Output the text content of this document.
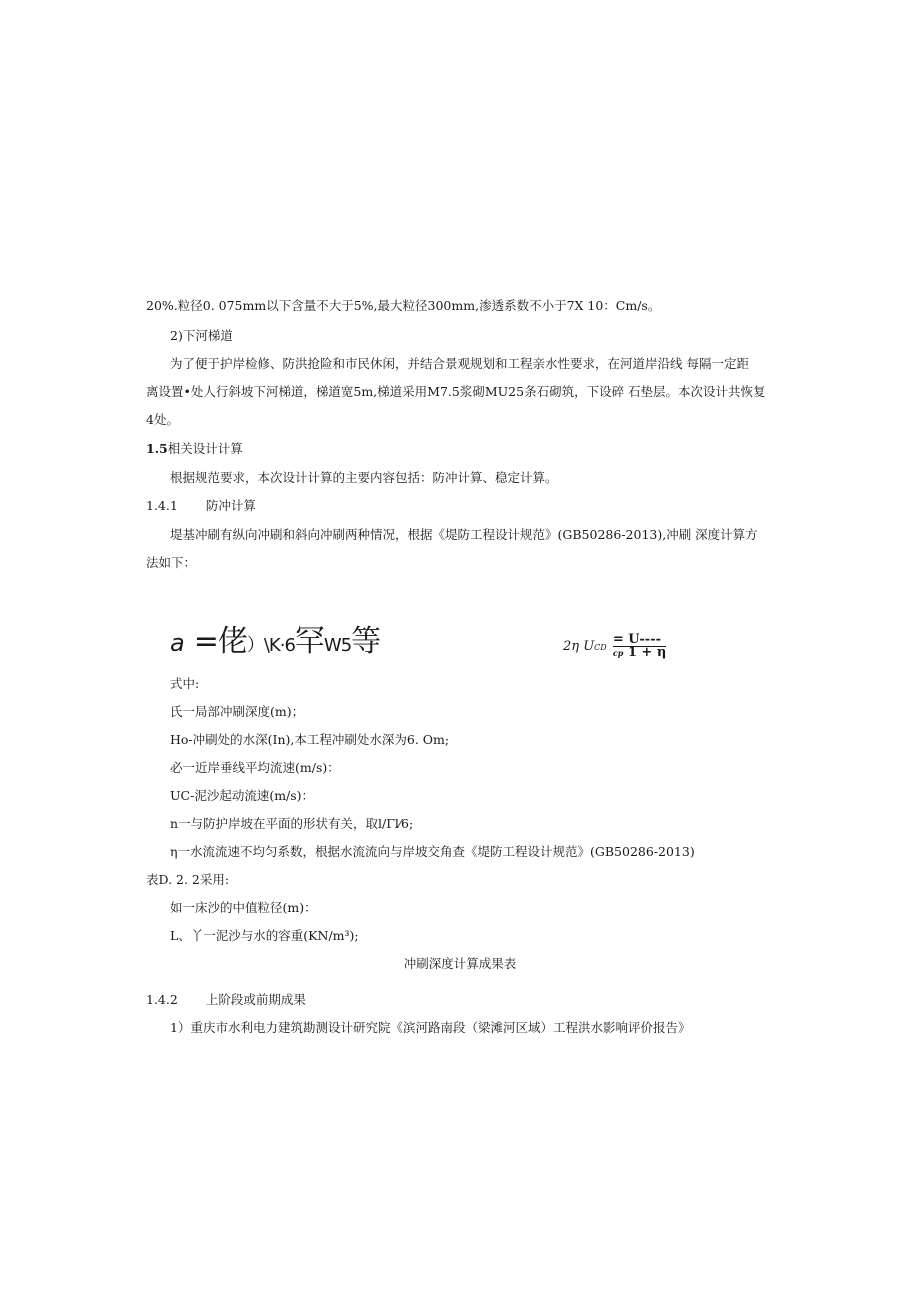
20%.粒径0. 075mm以下含量不大于5%,最大粒径300mm,渗透系数不小于7X 10：Cm/s。
2)下河梯道
为了便于护岸检修、防洪抢险和市民休闲，并结合景观规划和工程亲水性要求，在河道岸沿线 每隔一定距
离设置•处人行斜坡下河梯道，梯道宽5m,梯道采用M7.5浆砌MU25条石砌筑，下设碎 石垫层。本次设计共恢复
4处。
1.5相关设计计算
根据规范要求，本次设计计算的主要内容包括：防冲计算、稳定计算。
1.4.1 防冲计算
堤基冲刷有纵向冲刷和斜向冲刷两种情况，根据《堤防工程设计规范》(GB50286-2013),冲刷 深度计算方
法如下：
a =佬）\K·6罕W5等	2η UCD $\frac{= U----}{cp 1 + \eta}$
式中:
氏一局部冲刷深度(m)；
Ho-冲刷处的水深(In),本工程冲刷处水深为6. Om;
必一近岸垂线平均流速(m/s)：
UC-泥沙起动流速(m/s)：
n一与防护岸坡在平面的形状有关，取l/Γl⁄6;
η一水流流速不均匀系数，根据水流流向与岸坡交角查《堤防工程设计规范》(GB50286-2013)
表D. 2. 2采用:
如一床沙的中值粒径(m)：
L、丫一泥沙与水的容重(KN/m³);
冲刷深度计算成果表
1.4.2 上阶段或前期成果
1）重庆市水利电力建筑勘测设计研究院《滨河路南段（梁滩河区域）工程洪水影响评价报告》
